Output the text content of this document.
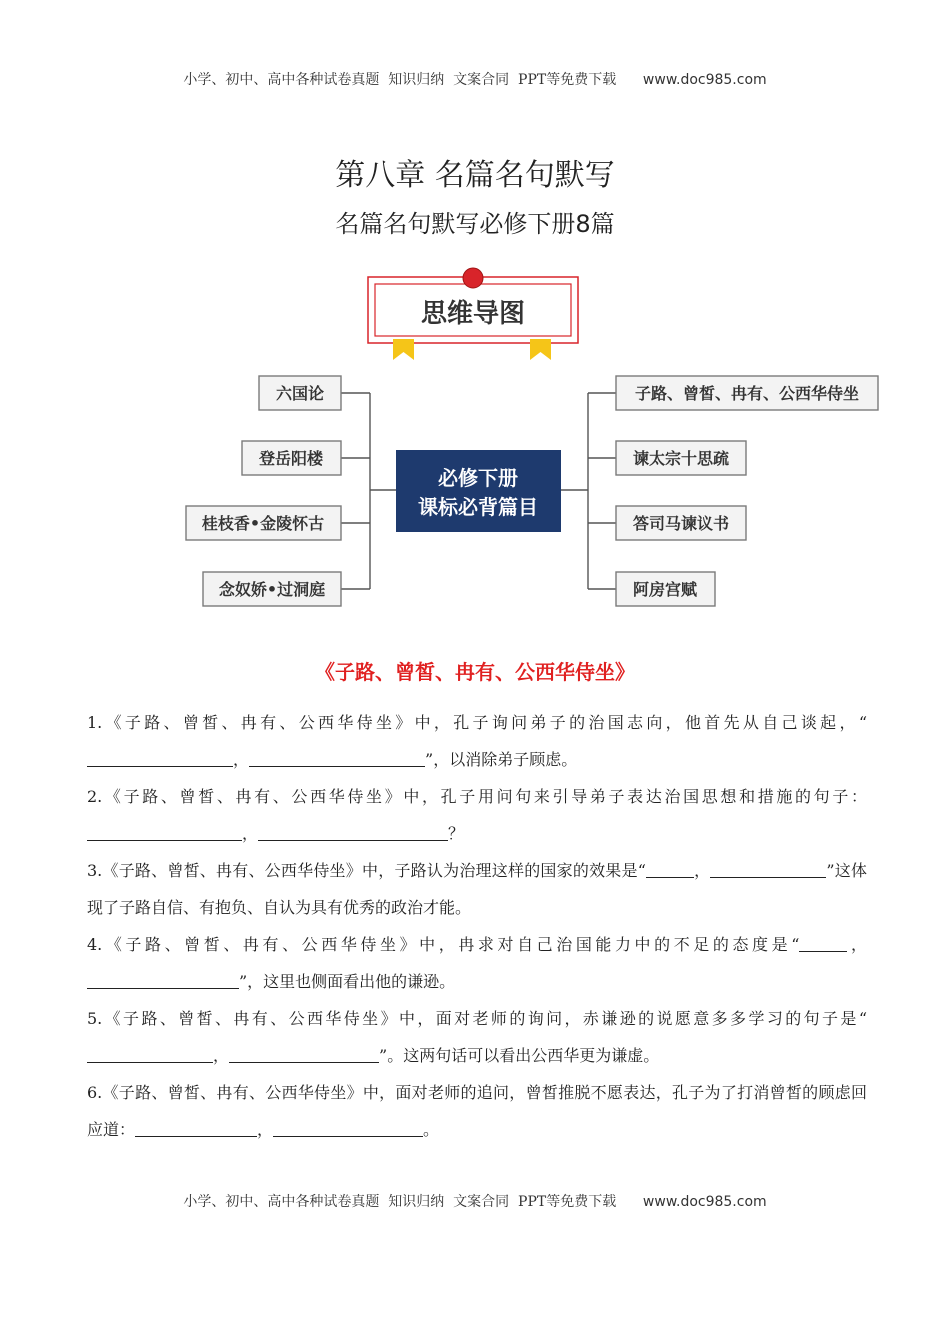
小学、初中、高中各种试卷真题  知识归纳  文案合同  PPT等免费下载 www.doc985.com
第八章 名篇名句默写
名篇名句默写必修下册8篇
思维导图
必修下册
课标必背篇目
六国论
登岳阳楼
桂枝香•金陵怀古
念奴娇•过洞庭
子路、曾皙、冉有、公西华侍坐
谏太宗十思疏
答司马谏议书
阿房宫赋
《子路、曾皙、冉有、公西华侍坐》

1.《子路、曾皙、冉有、公西华侍坐》中，孔子询问弟子的治国志向，他首先从自己谈起，“，	”，以消除弟子顾虑。

2.《子路、曾皙、冉有、公西华侍坐》中，孔子用问句来引导弟子表达治国思想和措施的句子：，	？

3.《子路、曾皙、冉有、公西华侍坐》中，子路认为治理这样的国家的效果是“	，	”这体现了子路自信、有抱负、自认为具有优秀的政治才能。

4.《子路、曾皙、冉有、公西华侍坐》中，冉求对自己治国能力中的不足的态度是“	，”，这里也侧面看出他的谦逊。

5.《子路、曾皙、冉有、公西华侍坐》中，面对老师的询问，赤谦逊的说愿意多多学习的句子是“，	”。这两句话可以看出公西华更为谦虚。

6.《子路、曾皙、冉有、公西华侍坐》中，面对老师的追问，曾皙推脱不愿表达，孔子为了打消曾皙的顾虑回应道：	，	。

小学、初中、高中各种试卷真题  知识归纳  文案合同  PPT等免费下载 www.doc985.com
